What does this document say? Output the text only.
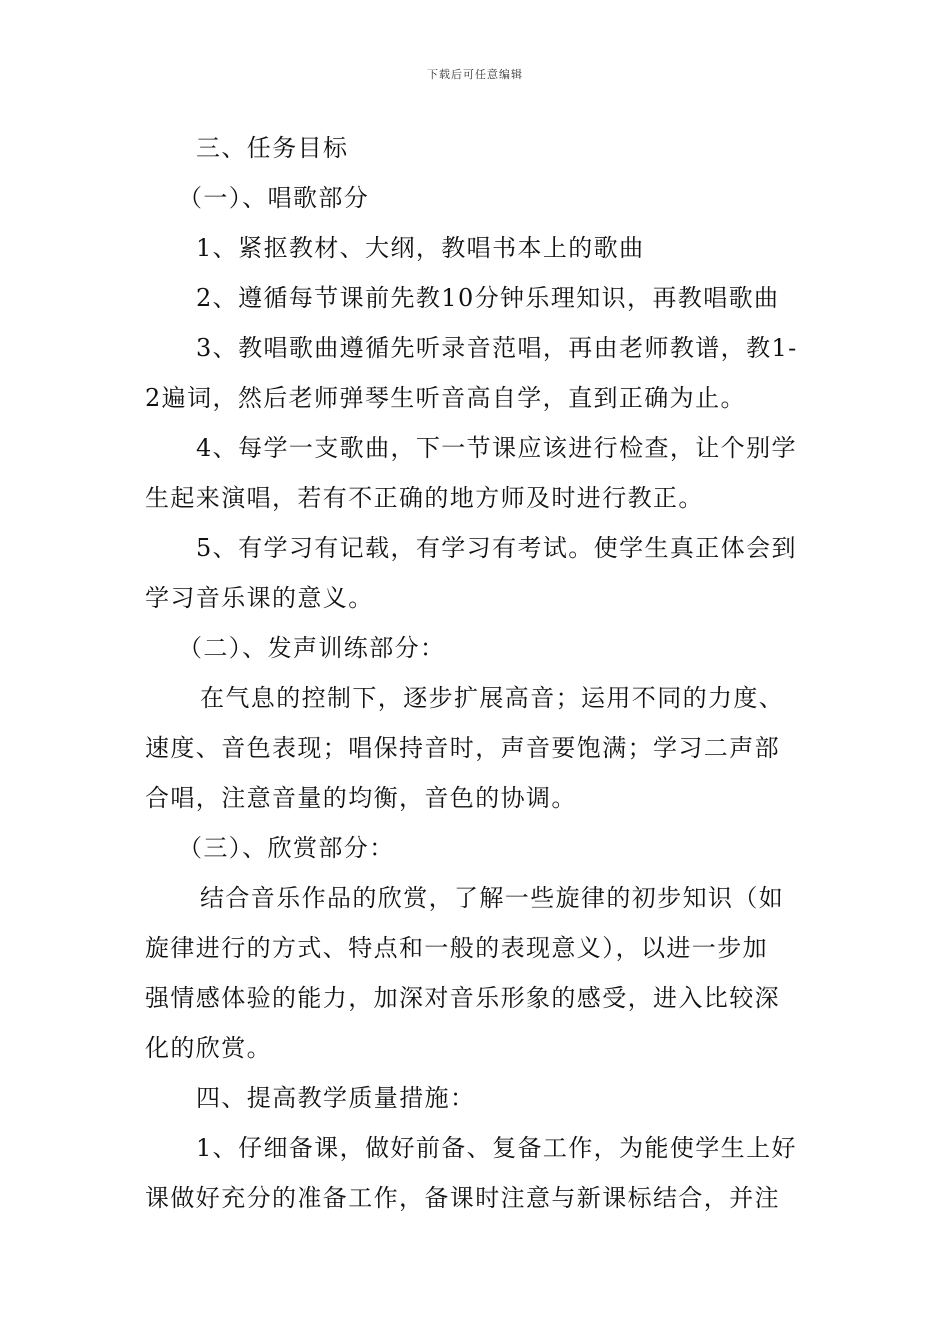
下载后可任意编辑
三、任务目标
（一）、唱歌部分
1、紧抠教材、大纲，教唱书本上的歌曲
2、遵循每节课前先教10分钟乐理知识，再教唱歌曲
3、教唱歌曲遵循先听录音范唱，再由老师教谱，教1-
2遍词，然后老师弹琴生听音高自学，直到正确为止。
4、每学一支歌曲，下一节课应该进行检查，让个别学
生起来演唱，若有不正确的地方师及时进行教正。
5、有学习有记载，有学习有考试。使学生真正体会到
学习音乐课的意义。
（二）、发声训练部分：
在气息的控制下，逐步扩展高音；运用不同的力度、
速度、音色表现；唱保持音时，声音要饱满；学习二声部
合唱，注意音量的均衡，音色的协调。
（三）、欣赏部分：
结合音乐作品的欣赏，了解一些旋律的初步知识（如
旋律进行的方式、特点和一般的表现意义），以进一步加
强情感体验的能力，加深对音乐形象的感受，进入比较深
化的欣赏。
四、提高教学质量措施：
1、仔细备课，做好前备、复备工作，为能使学生上好
课做好充分的准备工作，备课时注意与新课标结合，并注
